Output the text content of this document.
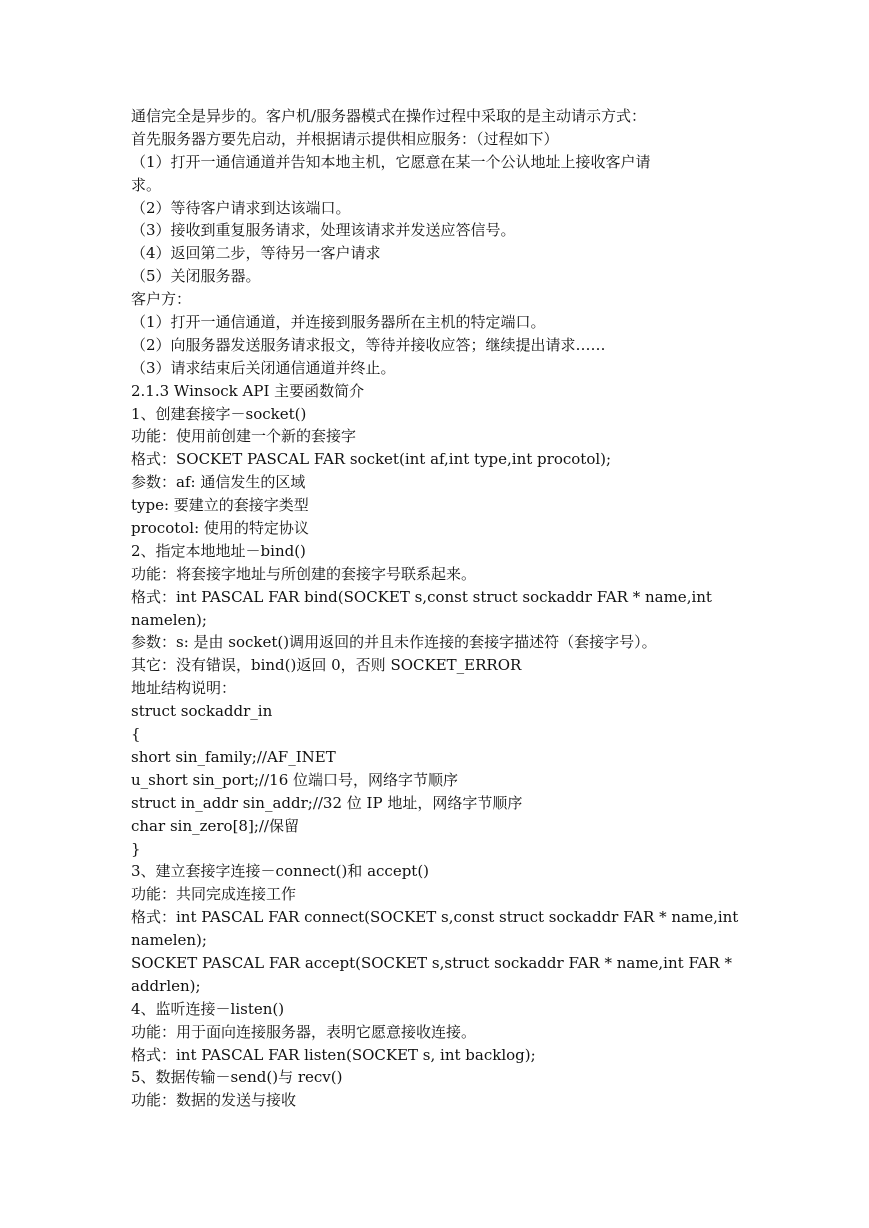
通信完全是异步的。客户机/服务器模式在操作过程中采取的是主动请示方式：
首先服务器方要先启动，并根据请示提供相应服务：（过程如下）
（1）打开一通信通道并告知本地主机，它愿意在某一个公认地址上接收客户请
求。
（2）等待客户请求到达该端口。
（3）接收到重复服务请求，处理该请求并发送应答信号。
（4）返回第二步，等待另一客户请求
（5）关闭服务器。
客户方：
（1）打开一通信通道，并连接到服务器所在主机的特定端口。
（2）向服务器发送服务请求报文，等待并接收应答；继续提出请求……
（3）请求结束后关闭通信通道并终止。
2.1.3 Winsock API 主要函数简介
1、创建套接字－socket()
功能：使用前创建一个新的套接字
格式：SOCKET PASCAL FAR socket(int af,int type,int procotol);
参数：af: 通信发生的区域
type: 要建立的套接字类型
procotol: 使用的特定协议
2、指定本地地址－bind()
功能：将套接字地址与所创建的套接字号联系起来。
格式：int PASCAL FAR bind(SOCKET s,const struct sockaddr FAR * name,int
namelen);
参数：s: 是由 socket()调用返回的并且未作连接的套接字描述符（套接字号）。
其它：没有错误，bind()返回 0，否则 SOCKET_ERROR
地址结构说明：
struct sockaddr_in
{
short sin_family;//AF_INET
u_short sin_port;//16 位端口号，网络字节顺序
struct in_addr sin_addr;//32 位 IP 地址，网络字节顺序
char sin_zero[8];//保留
}
3、建立套接字连接－connect()和 accept()
功能：共同完成连接工作
格式：int PASCAL FAR connect(SOCKET s,const struct sockaddr FAR * name,int
namelen);
SOCKET PASCAL FAR accept(SOCKET s,struct sockaddr FAR * name,int FAR *
addrlen);
4、监听连接－listen()
功能：用于面向连接服务器，表明它愿意接收连接。
格式：int PASCAL FAR listen(SOCKET s, int backlog);
5、数据传输－send()与 recv()
功能：数据的发送与接收
